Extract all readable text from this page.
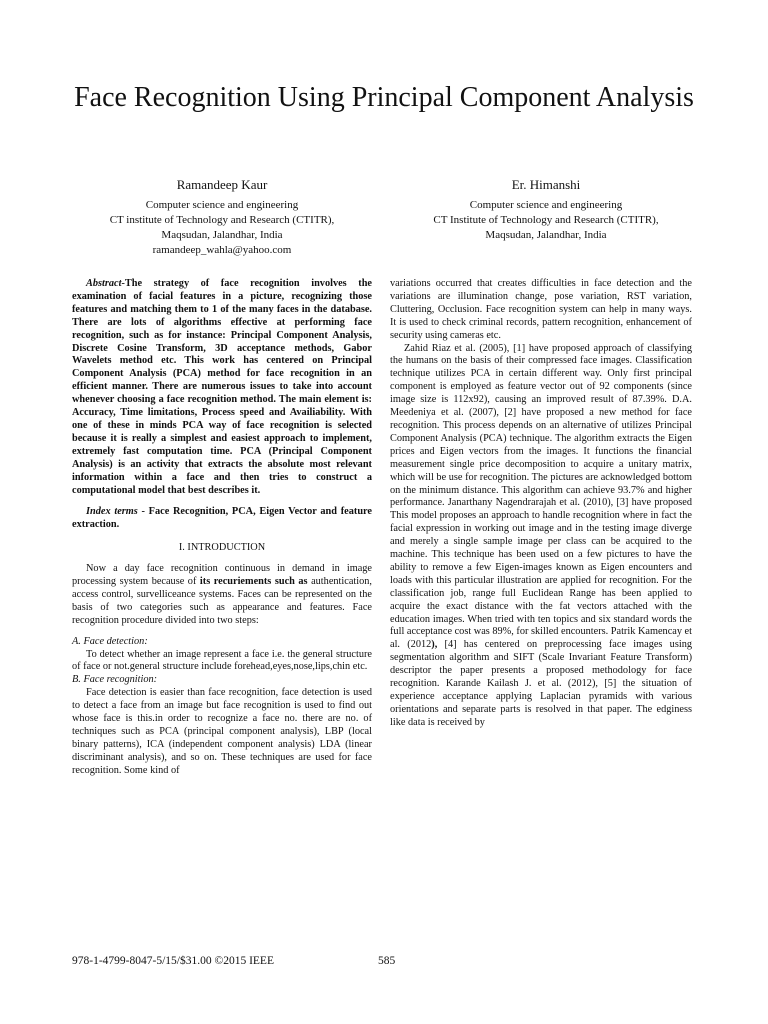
Face Recognition Using Principal Component Analysis
Ramandeep Kaur
Computer science and engineering
CT institute of Technology and Research (CTITR),
Maqsudan, Jalandhar, India
ramandeep_wahla@yahoo.com
Er. Himanshi
Computer science and engineering
CT Institute of Technology and Research (CTITR),
Maqsudan, Jalandhar, India

Abstract-The strategy of face recognition involves the examination of facial features in a picture, recognizing those features and matching them to 1 of the many faces in the database. There are lots of algorithms effective at performing face recognition, such as for instance: Principal Component Analysis, Discrete Cosine Transform, 3D acceptance methods, Gabor Wavelets method etc. This work has centered on Principal Component Analysis (PCA) method for face recognition in an efficient manner. There are numerous issues to take into account whenever choosing a face recognition method. The main element is: Accuracy, Time limitations, Process speed and Availiability. With one of these in minds PCA way of face recognition is selected because it is really a simplest and easiest approach to implement, extremely fast computation time. PCA (Principal Component Analysis) is an activity that extracts the absolute most relevant information within a face and then tries to construct a computational model that best describes it.

Index terms - Face Recognition, PCA, Eigen Vector and feature extraction.

I. INTRODUCTION

Now a day face recognition continuous in demand in image processing system because of its recuriements such as authentication, access control, survelliceance systems. Faces can be represented on the basis of two categories such as appearance and features. Face recognition procedure divided into two steps:

A. Face detection:

To detect whether an image represent a face i.e. the general structure of face or not.general structure include forehead,eyes,nose,lips,chin etc.

B. Face recognition:

Face detection is easier than face recognition, face detection is used to detect a face from an image but face recognition is used to find out whose face is this.in order to recognize a face no. there are no. of techniques such as PCA (principal component analysis), LBP (local binary patterns), ICA (independent component analysis) LDA (linear discriminant analysis), and so on. These techniques are used for face recognition. Some kind of

variations occurred that creates difficulties in face detection and the variations are illumination change, pose variation, RST variation, Cluttering, Occlusion. Face recognition system can help in many ways. It is used to check criminal records, pattern recognition, enhancement of security using cameras etc.

Zahid Riaz et al. (2005), [1] have proposed approach of classifying the humans on the basis of their compressed face images. Classification technique utilizes PCA in certain different way. Only first principal component is employed as feature vector out of 92 components (since image size is 112x92), causing an improved result of 87.39%. D.A. Meedeniya et al. (2007), [2] have proposed a new method for face recognition. This process depends on an alternative of utilizes Principal Component Analysis (PCA) technique. The algorithm extracts the Eigen prices and Eigen vectors from the images. It functions the financial measurement single price decomposition to acquire a unitary matrix, which will be use for recognition. The pictures are acknowledged bottom on the minimum distance. This algorithm can achieve 93.7% and higher performance. Janarthany Nagendrarajah et al. (2010), [3] have proposed This model proposes an approach to handle recognition where in fact the facial expression in working out image and in the testing image diverge and merely a single sample image per class can be acquired to the machine. This technique has been used on a few pictures to have the ability to remove a few Eigen-images known as Eigen encounters and loads with this particular illustration are applied for recognition. For the classification job, range full Euclidean Range has been applied to acquire the exact distance with the fat vectors attached with the education images. When tried with ten topics and six standard words the full acceptance cost was 89%, for skilled encounters. Patrik Kamencay et al. (2012), [4] has centered on preprocessing face images using segmentation algorithm and SIFT (Scale Invariant Feature Transform) descriptor the paper presents a proposed methodology for face recognition. Karande Kailash J. et al. (2012), [5] the situation of experience acceptance applying Laplacian pyramids with various orientations and separate parts is resolved in that paper. The edginess like data is received by

978-1-4799-8047-5/15/$31.00 ©2015 IEEE	585
